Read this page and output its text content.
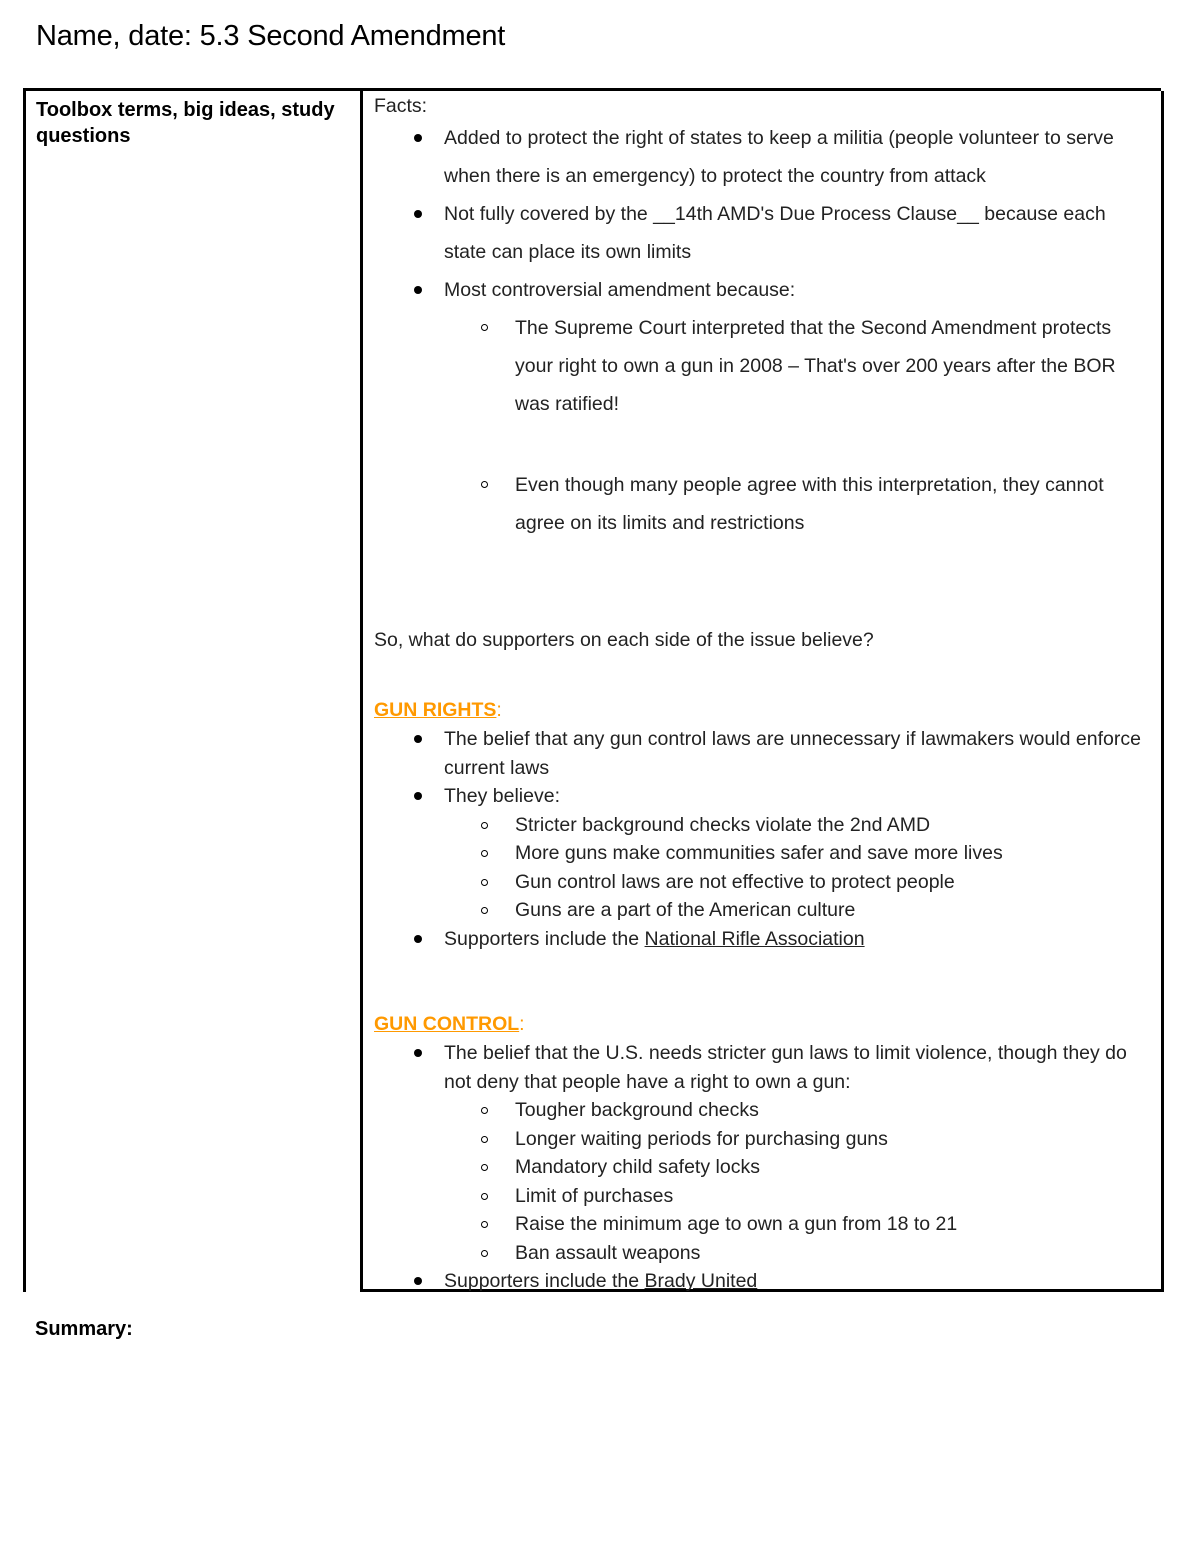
Name, date: 5.3 Second Amendment
Toolbox terms, big ideas, study questions
Facts:
Added to protect the right of states to keep a militia (people volunteer to serve when there is an emergency) to protect the country from attack
Not fully covered by the __14th AMD's Due Process Clause__ because each state can place its own limits
Most controversial amendment because:
The Supreme Court interpreted that the Second Amendment protects your right to own a gun in 2008 – That's over 200 years after the BOR was ratified!
Even though many people agree with this interpretation, they cannot agree on its limits and restrictions
So, what do supporters on each side of the issue believe?
GUN RIGHTS:
The belief that any gun control laws are unnecessary if lawmakers would enforce current laws
They believe:
Stricter background checks violate the 2nd AMD
More guns make communities safer and save more lives
Gun control laws are not effective to protect people
Guns are a part of the American culture
Supporters include the National Rifle Association
GUN CONTROL:
The belief that the U.S. needs stricter gun laws to limit violence, though they do not deny that people have a right to own a gun:
Tougher background checks
Longer waiting periods for purchasing guns
Mandatory child safety locks
Limit of purchases
Raise the minimum age to own a gun from 18 to 21
Ban assault weapons
Supporters include the Brady United
Summary:
